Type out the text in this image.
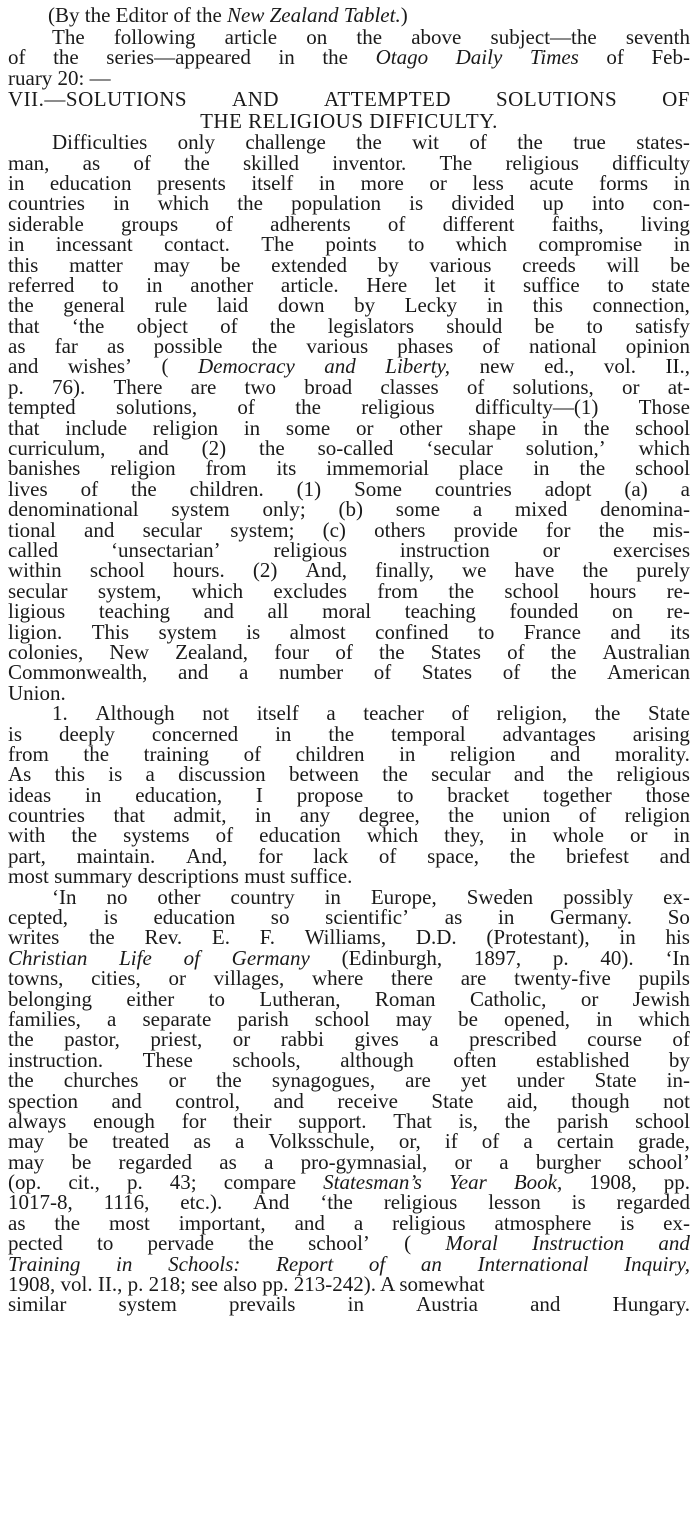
(By the Editor of the New Zealand Tablet.)
The following article on the above subject—the seventh
of the series—appeared in the Otago Daily Times of Feb-
ruary 20: —
VII.—SOLUTIONS AND ATTEMPTED SOLUTIONS OF
THE RELIGIOUS DIFFICULTY.
Difficulties only challenge the wit of the true states-
man, as of the skilled inventor. The religious difficulty
in education presents itself in more or less acute forms in
countries in which the population is divided up into con-
siderable groups of adherents of different faiths, living
in incessant contact. The points to which compromise in
this matter may be extended by various creeds will be
referred to in another article. Here let it suffice to state
the general rule laid down by Lecky in this connection,
that ‘the object of the legislators should be to satisfy
as far as possible the various phases of national opinion
and wishes’ ( Democracy and Liberty, new ed., vol. II.,
p. 76). There are two broad classes of solutions, or at-
tempted solutions, of the religious difficulty—(1) Those
that include religion in some or other shape in the school
curriculum, and (2) the so-called ‘secular solution,’ which
banishes religion from its immemorial place in the school
lives of the children. (1) Some countries adopt (a) a
denominational system only; (b) some a mixed denomina-
tional and secular system; (c) others provide for the mis-
called	‘unsectarian’	religious	instruction	or	exercises
within school hours. (2) And, finally, we have the purely
secular system, which excludes from the school hours re-
ligious teaching and all moral teaching founded on re-
ligion. This system is almost confined to France and its
colonies, New Zealand, four of the States of the Australian
Commonwealth, and a number of States of the American
Union.
1. Although not itself a teacher of religion, the State
is deeply concerned in the temporal advantages arising
from the training of children in religion and morality.
As this is a discussion between the secular and the religious
ideas in education, I propose to bracket together those
countries that admit, in any degree, the union of religion
with the systems of education which they, in whole or in
part, maintain. And, for lack of space, the briefest and
most summary descriptions must suffice.
‘In no other country in Europe, Sweden possibly ex-
cepted, is education so scientific’ as in Germany. So
writes the Rev. E. F. Williams, D.D. (Protestant), in his
Christian Life of Germany (Edinburgh, 1897, p. 40). ‘In
towns, cities, or villages, where there are twenty-five pupils
belonging either to Lutheran, Roman Catholic, or Jewish
families, a separate parish school may be opened, in which
the pastor, priest, or rabbi gives a prescribed course of
instruction. These schools, although often established by
the churches or the synagogues, are yet under State in-
spection and control, and receive State aid, though not
always enough for their support. That is, the parish school
may be treated as a Volksschule, or, if of a certain grade,
may be regarded as a pro-gymnasial, or a burgher school’
(op. cit., p. 43; compare Statesman’s Year Book, 1908, pp.
1017-8, 1116, etc.). And ‘the religious lesson is regarded
as the most important, and a religious atmosphere is ex-
pected to pervade the school’ ( Moral Instruction and
Training in Schools: Report of an International Inquiry,
1908, vol. II., p. 218; see also pp. 213-242). A somewhat
similar system prevails in Austria and Hungary.
